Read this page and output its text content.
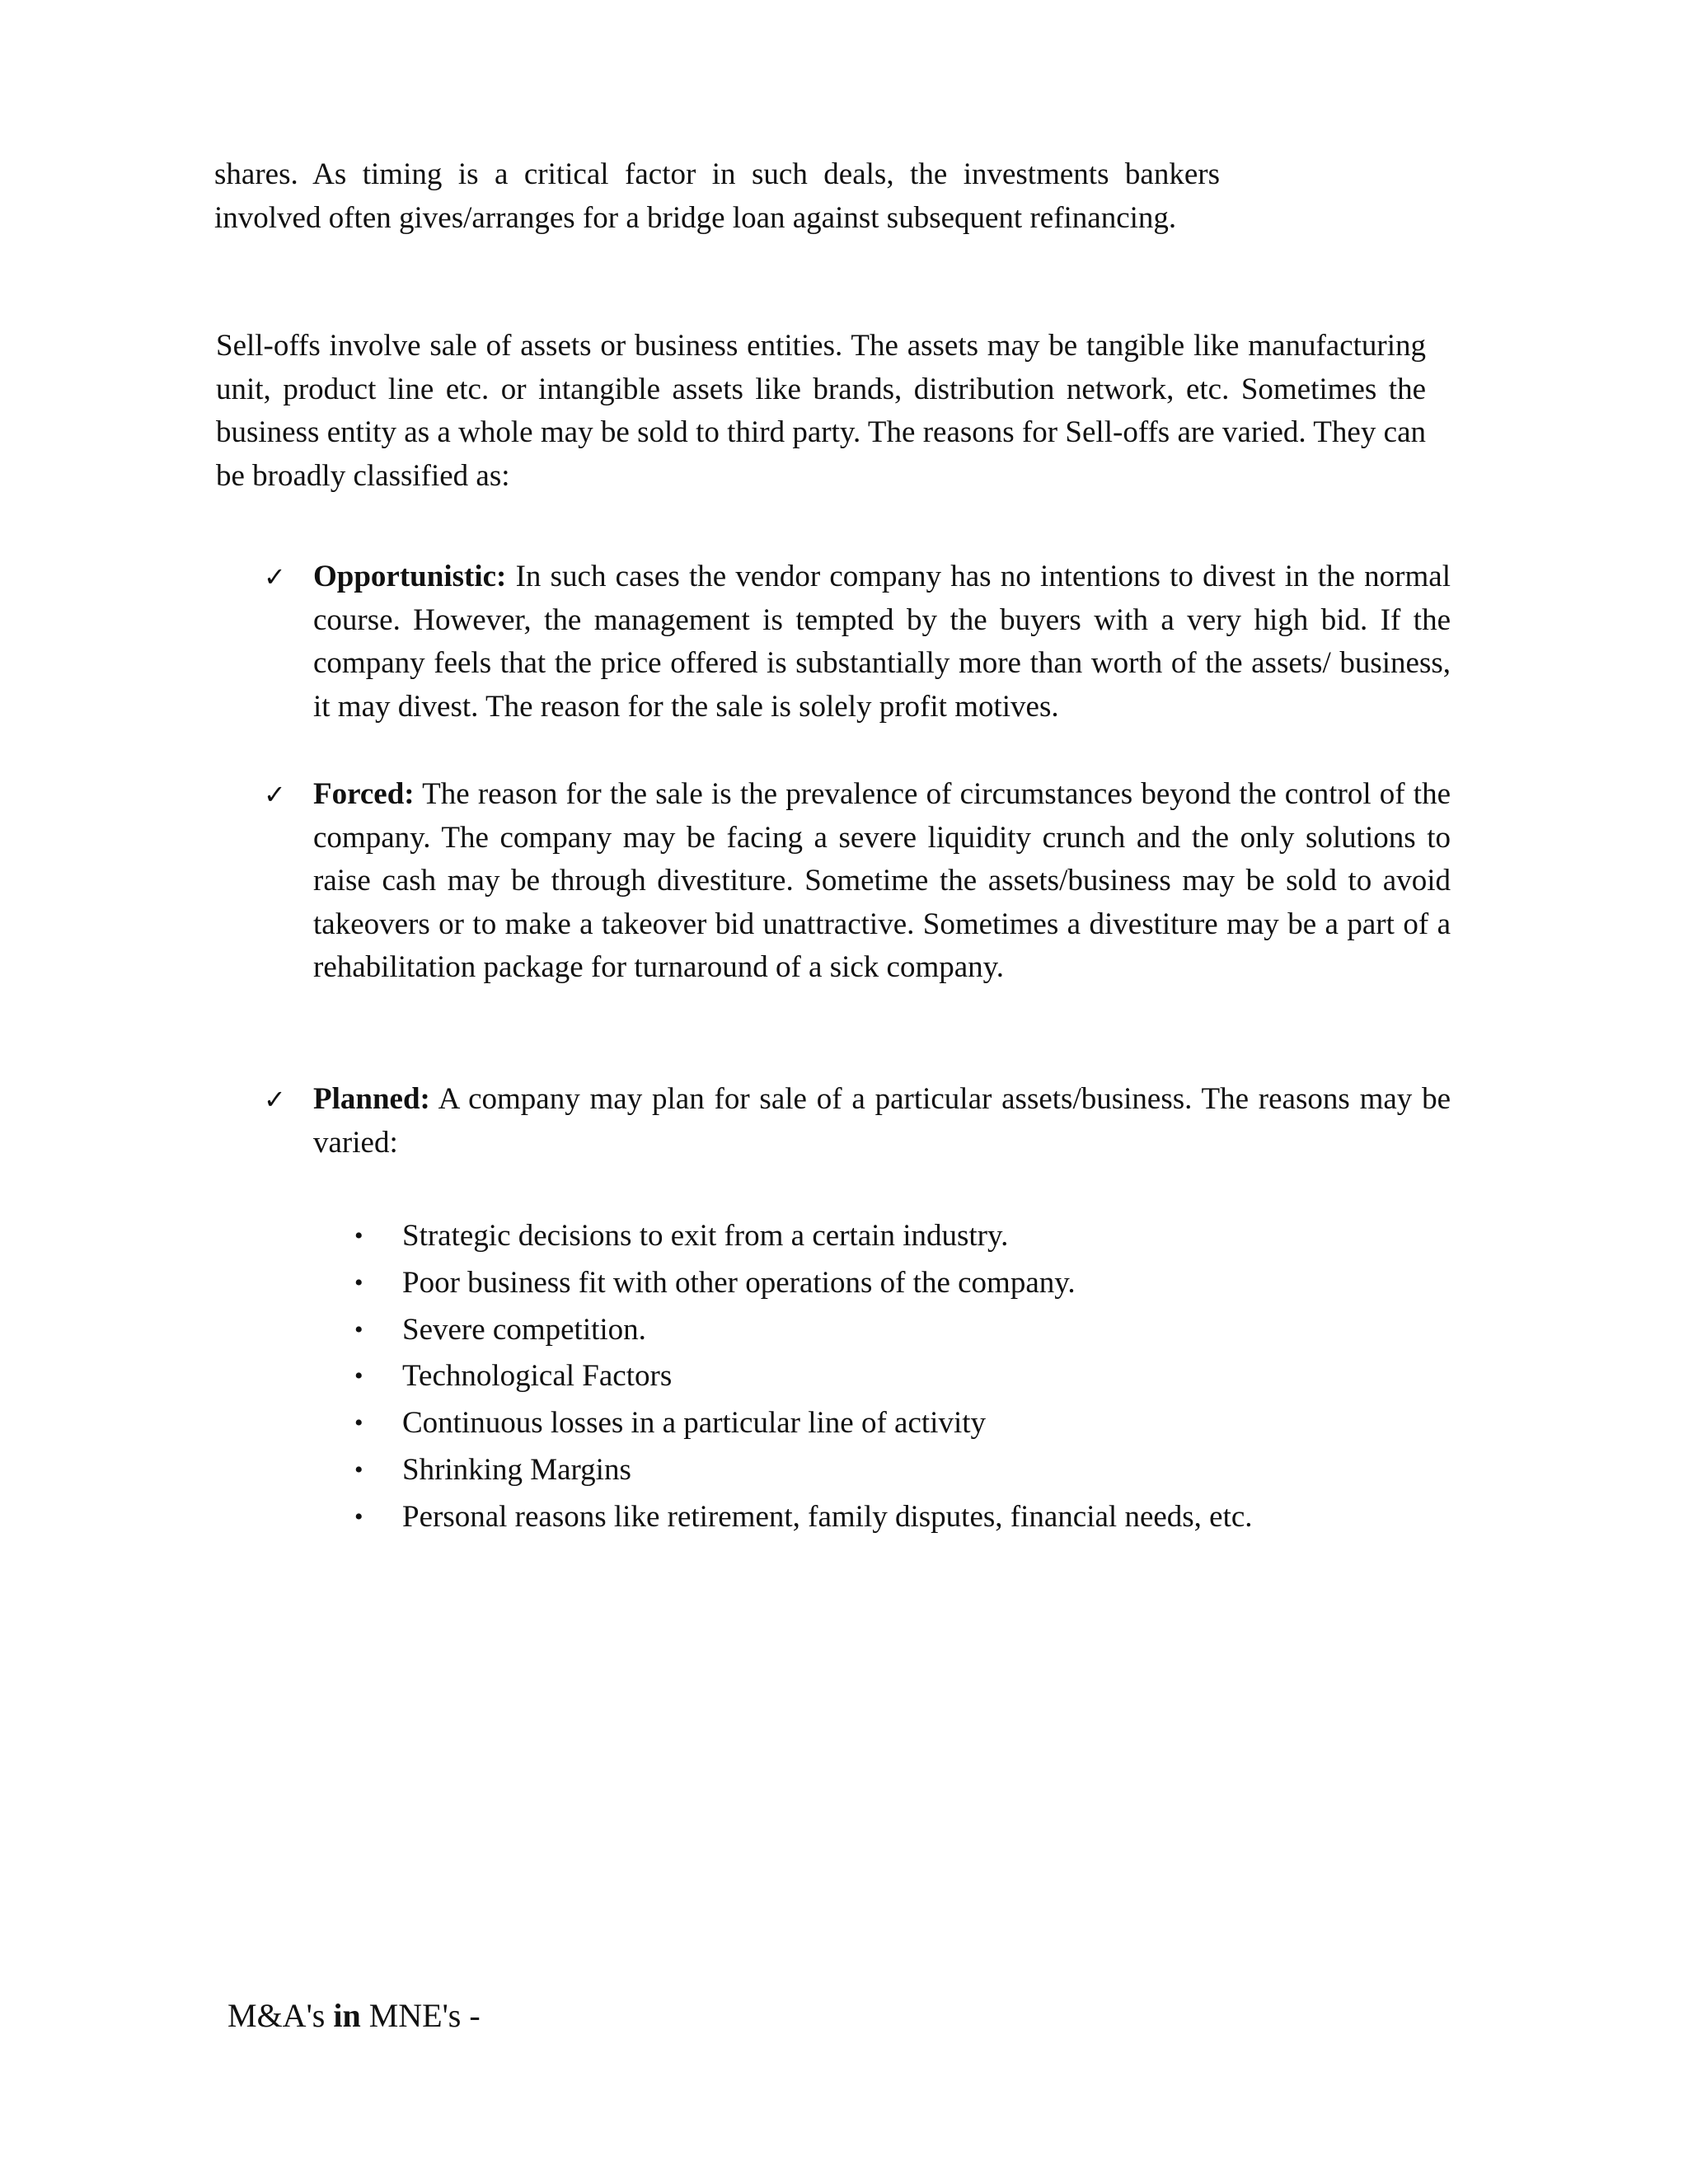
shares. As timing is a critical factor in such deals, the investments bankers involved often gives/arranges for a bridge loan against subsequent refinancing.

Sell-offs involve sale of assets or business entities. The assets may be tangible like manufacturing unit, product line etc. or intangible assets like brands, distribution network, etc. Sometimes the business entity as a whole may be sold to third party. The reasons for Sell-offs are varied. They can be broadly classified as:

✓ Opportunistic: In such cases the vendor company has no intentions to divest in the normal course. However, the management is tempted by the buyers with a very high bid. If the company feels that the price offered is substantially more than worth of the assets/ business, it may divest. The reason for the sale is solely profit motives.
✓ Forced: The reason for the sale is the prevalence of circumstances beyond the control of the company. The company may be facing a severe liquidity crunch and the only solutions to raise cash may be through divestiture. Sometime the assets/business may be sold to avoid takeovers or to make a takeover bid unattractive. Sometimes a divestiture may be a part of a rehabilitation package for turnaround of a sick company.
✓ Planned: A company may plan for sale of a particular assets/business. The reasons may be varied:
• Strategic decisions to exit from a certain industry.
• Poor business fit with other operations of the company.
• Severe competition.
• Technological Factors
• Continuous losses in a particular line of activity
• Shrinking Margins
• Personal reasons like retirement, family disputes, financial needs, etc.
M&A's in MNE's -
